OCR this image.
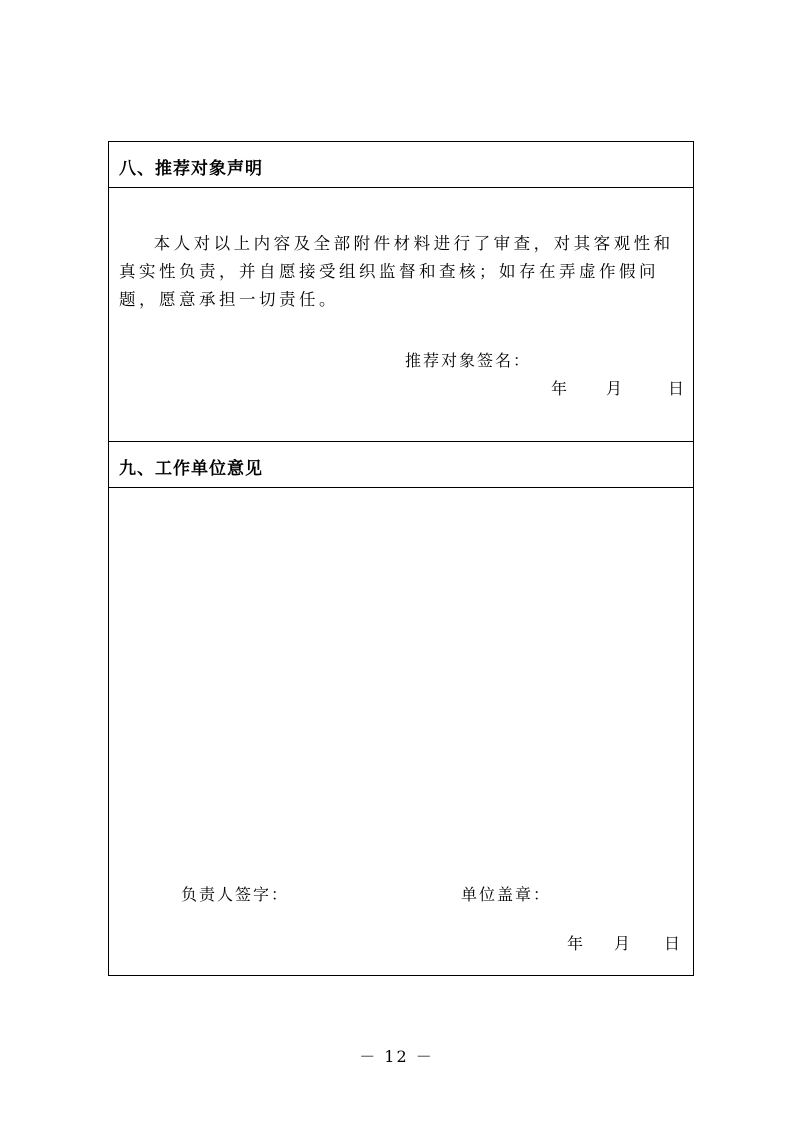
八、推荐对象声明

本人对以上内容及全部附件材料进行了审查，对其客观性和真实性负责，并自愿接受组织监督和查核；如存在弄虚作假问题，愿意承担一切责任。

推荐对象签名：
年	月	日
九、工作单位意见
负责人签字：	单位盖章：
年	月	日
－ 12 －
